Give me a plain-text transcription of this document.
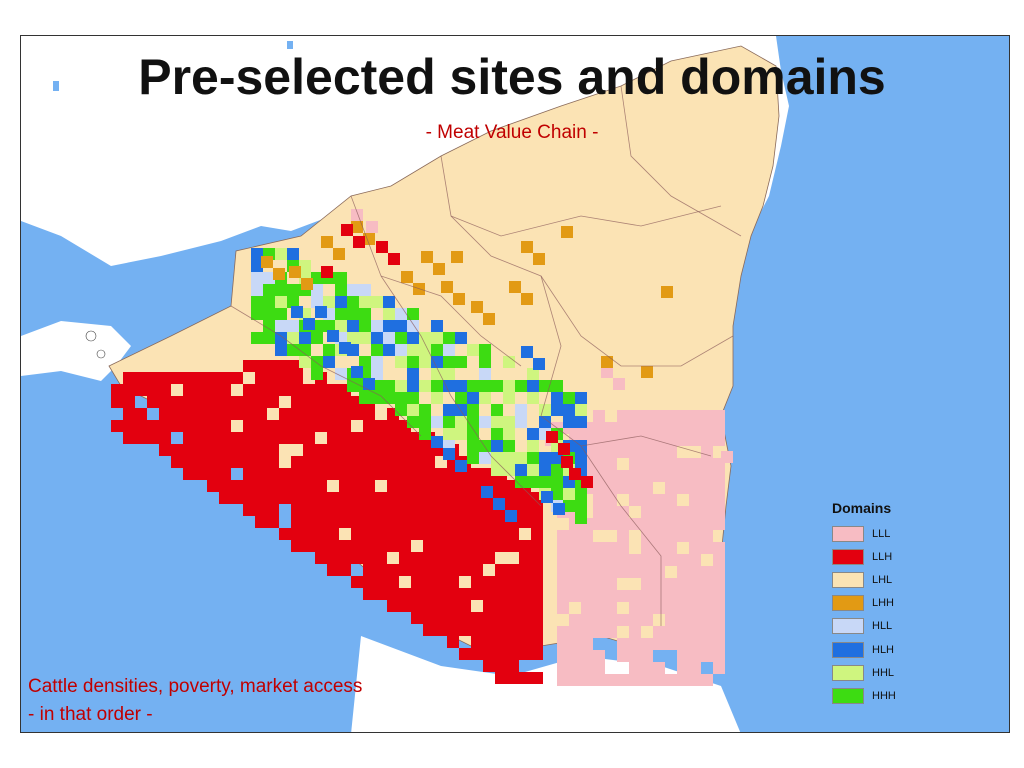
Pre-selected sites and domains
- Meat Value Chain -
Cattle densities, poverty, market access
- in that order -
Domains
LLL
LLH
LHL
LHH
HLL
HLH
HHL
HHH
